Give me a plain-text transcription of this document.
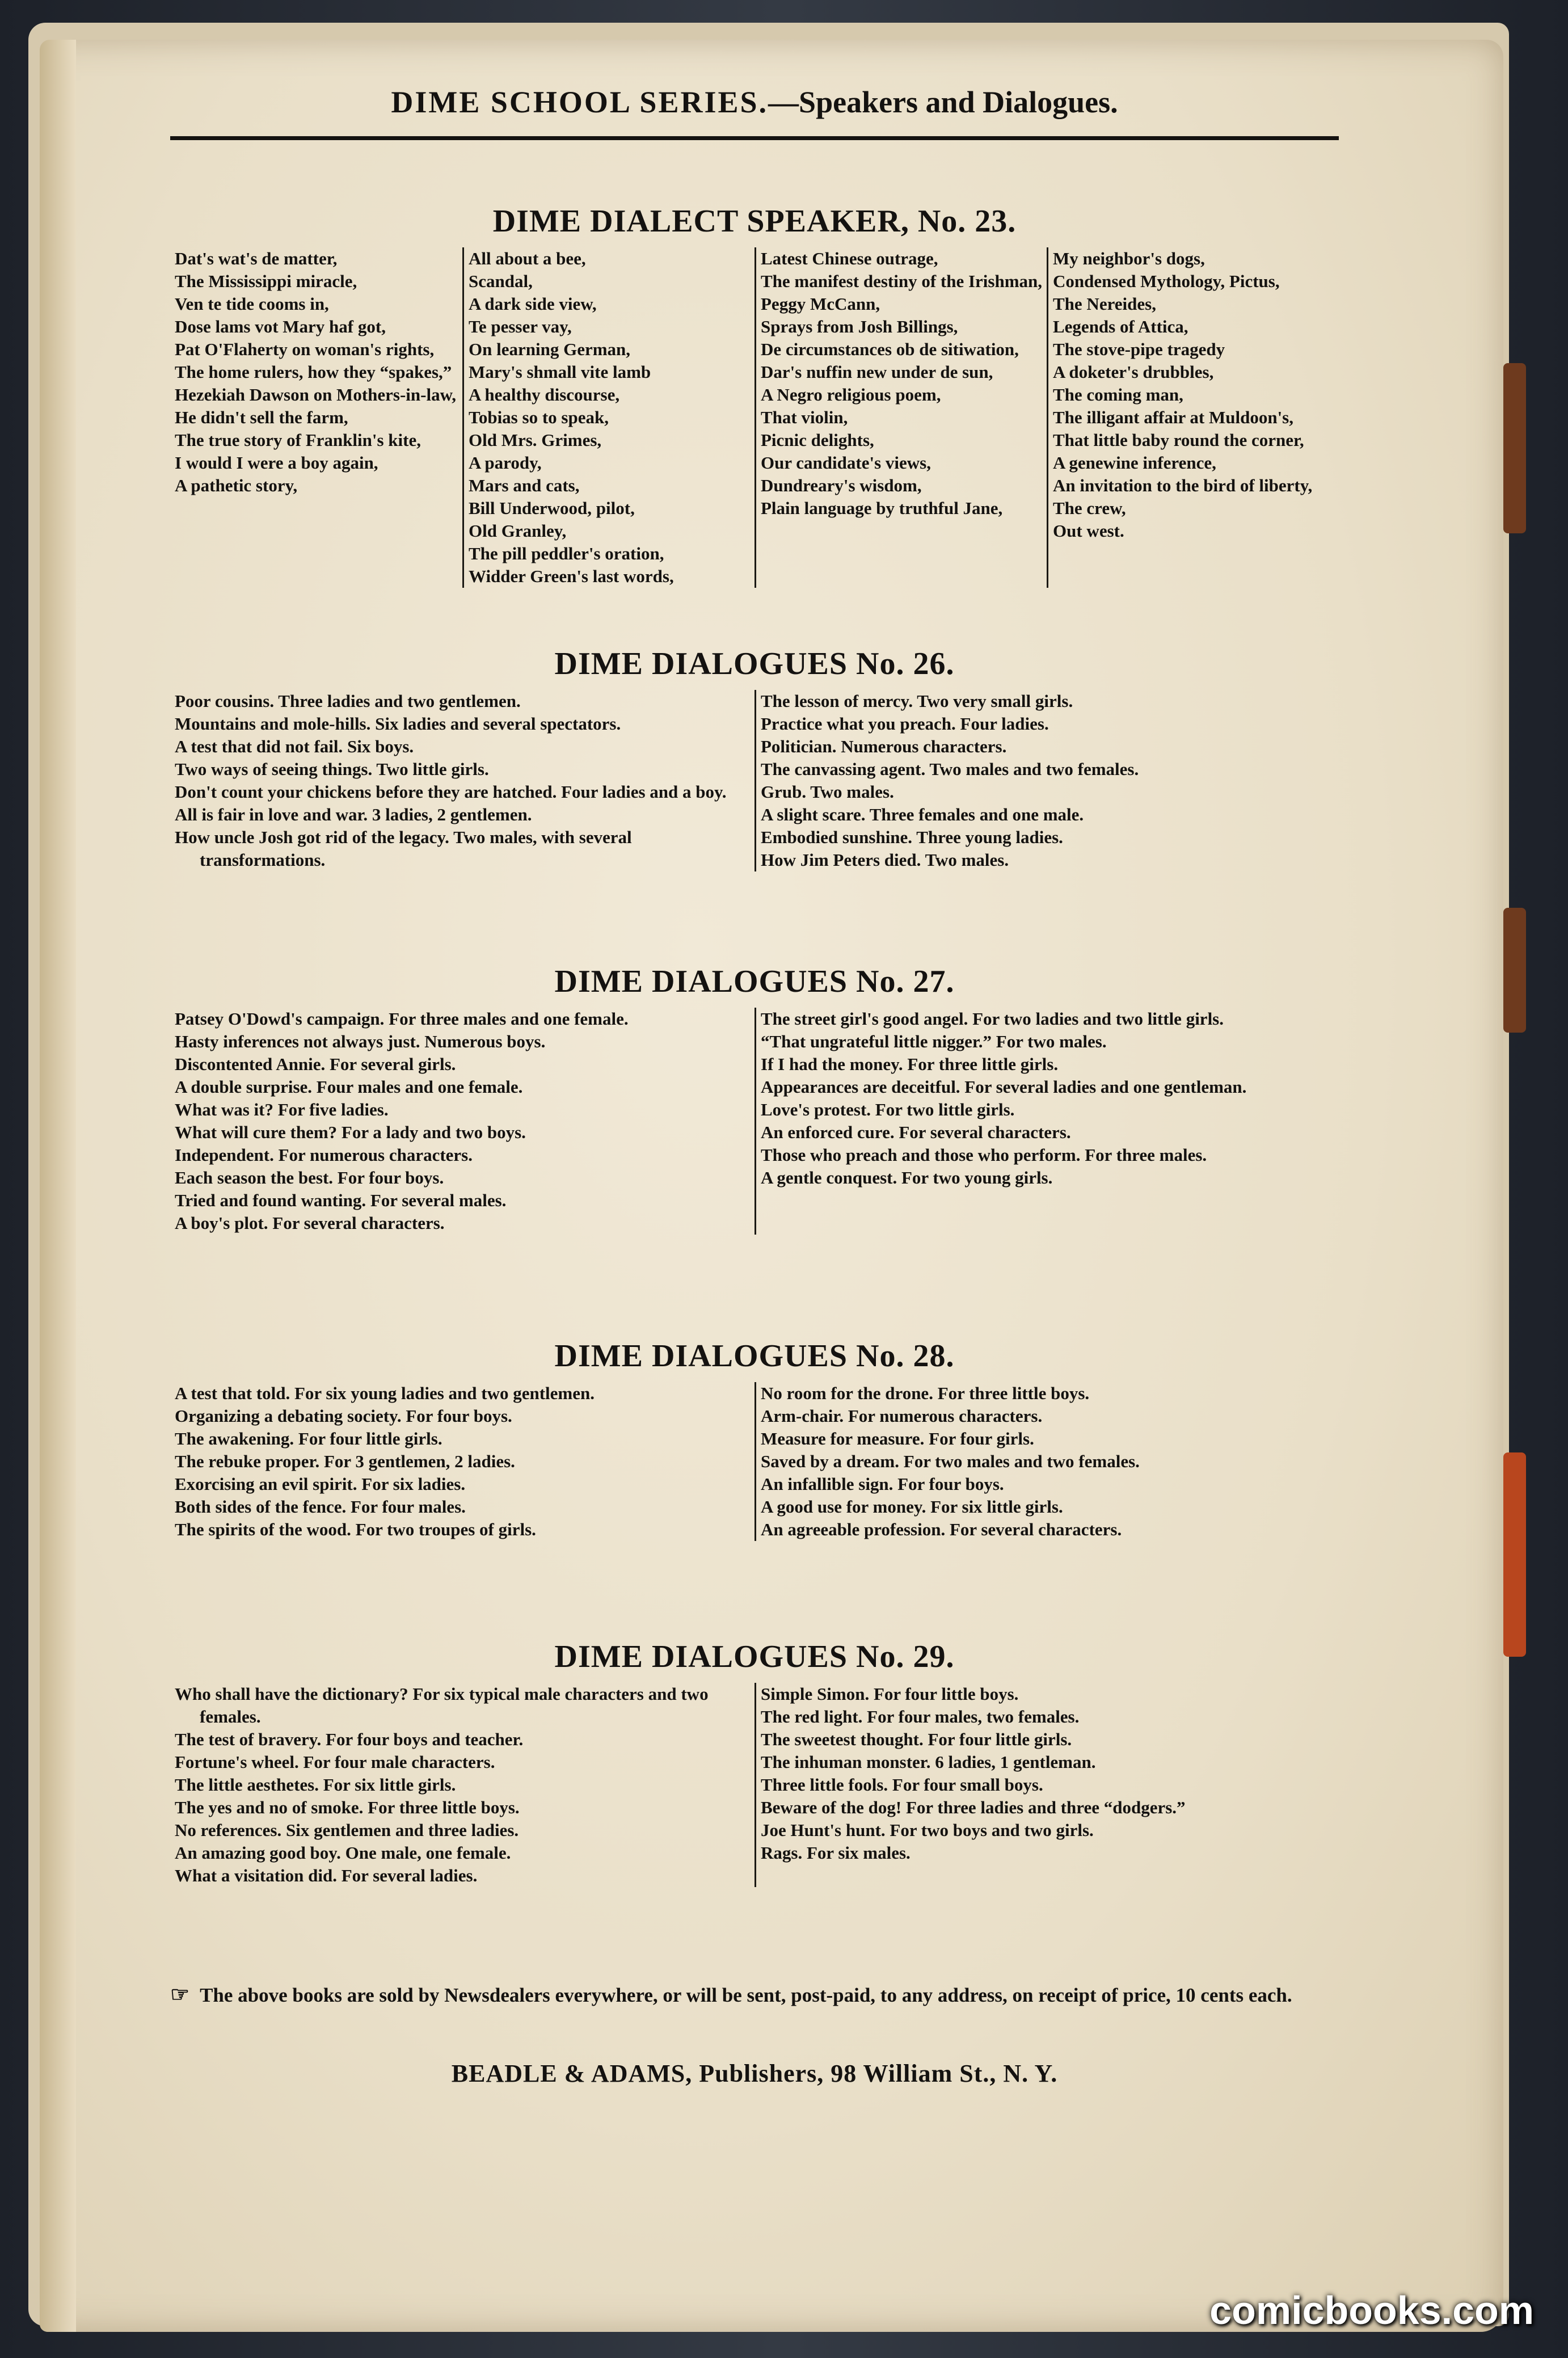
DIME SCHOOL SERIES.—Speakers and Dialogues.
DIME DIALECT SPEAKER, No. 23.

Dat's wat's de matter,

The Mississippi miracle,

Ven te tide cooms in,

Dose lams vot Mary haf got,

Pat O'Flaherty on woman's rights,

The home rulers, how they “spakes,”

Hezekiah Dawson on Mothers-in-law,

He didn't sell the farm,

The true story of Franklin's kite,

I would I were a boy again,

A pathetic story,

All about a bee,

Scandal,

A dark side view,

Te pesser vay,

On learning German,

Mary's shmall vite lamb

A healthy discourse,

Tobias so to speak,

Old Mrs. Grimes,

A parody,

Mars and cats,

Bill Underwood, pilot,

Old Granley,

The pill peddler's oration,

Widder Green's last words,

Latest Chinese outrage,

The manifest destiny of the Irishman,

Peggy McCann,

Sprays from Josh Billings,

De circumstances ob de sitiwation,

Dar's nuffin new under de sun,

A Negro religious poem,

That violin,

Picnic delights,

Our candidate's views,

Dundreary's wisdom,

Plain language by truthful Jane,

My neighbor's dogs,

Condensed Mythology, Pictus,

The Nereides,

Legends of Attica,

The stove-pipe tragedy

A doketer's drubbles,

The coming man,

The illigant affair at Muldoon's,

That little baby round the corner,

A genewine inference,

An invitation to the bird of liberty,

The crew,

Out west.

DIME DIALOGUES No. 26.

Poor cousins. Three ladies and two gentlemen.

Mountains and mole-hills. Six ladies and several spectators.

A test that did not fail. Six boys.

Two ways of seeing things. Two little girls.

Don't count your chickens before they are hatched. Four ladies and a boy.

All is fair in love and war. 3 ladies, 2 gentlemen.

How uncle Josh got rid of the legacy. Two males, with several transformations.

The lesson of mercy. Two very small girls.

Practice what you preach. Four ladies.

Politician. Numerous characters.

The canvassing agent. Two males and two females.

Grub. Two males.

A slight scare. Three females and one male.

Embodied sunshine. Three young ladies.

How Jim Peters died. Two males.

DIME DIALOGUES No. 27.

Patsey O'Dowd's campaign. For three males and one female.

Hasty inferences not always just. Numerous boys.

Discontented Annie. For several girls.

A double surprise. Four males and one female.

What was it? For five ladies.

What will cure them? For a lady and two boys.

Independent. For numerous characters.

Each season the best. For four boys.

Tried and found wanting. For several males.

A boy's plot. For several characters.

The street girl's good angel. For two ladies and two little girls.

“That ungrateful little nigger.” For two males.

If I had the money. For three little girls.

Appearances are deceitful. For several ladies and one gentleman.

Love's protest. For two little girls.

An enforced cure. For several characters.

Those who preach and those who perform. For three males.

A gentle conquest. For two young girls.

DIME DIALOGUES No. 28.

A test that told. For six young ladies and two gentlemen.

Organizing a debating society. For four boys.

The awakening. For four little girls.

The rebuke proper. For 3 gentlemen, 2 ladies.

Exorcising an evil spirit. For six ladies.

Both sides of the fence. For four males.

The spirits of the wood. For two troupes of girls.

No room for the drone. For three little boys.

Arm-chair. For numerous characters.

Measure for measure. For four girls.

Saved by a dream. For two males and two females.

An infallible sign. For four boys.

A good use for money. For six little girls.

An agreeable profession. For several characters.

DIME DIALOGUES No. 29.

Who shall have the dictionary? For six typical male characters and two females.

The test of bravery. For four boys and teacher.

Fortune's wheel. For four male characters.

The little aesthetes. For six little girls.

The yes and no of smoke. For three little boys.

No references. Six gentlemen and three ladies.

An amazing good boy. One male, one female.

What a visitation did. For several ladies.

Simple Simon. For four little boys.

The red light. For four males, two females.

The sweetest thought. For four little girls.

The inhuman monster. 6 ladies, 1 gentleman.

Three little fools. For four small boys.

Beware of the dog! For three ladies and three “dodgers.”

Joe Hunt's hunt. For two boys and two girls.

Rags. For six males.

☞ The above books are sold by Newsdealers everywhere, or will be sent, post-paid, to any address, on receipt of price, 10 cents each.
BEADLE & ADAMS, Publishers, 98 William St., N. Y.
comicbooks.com
